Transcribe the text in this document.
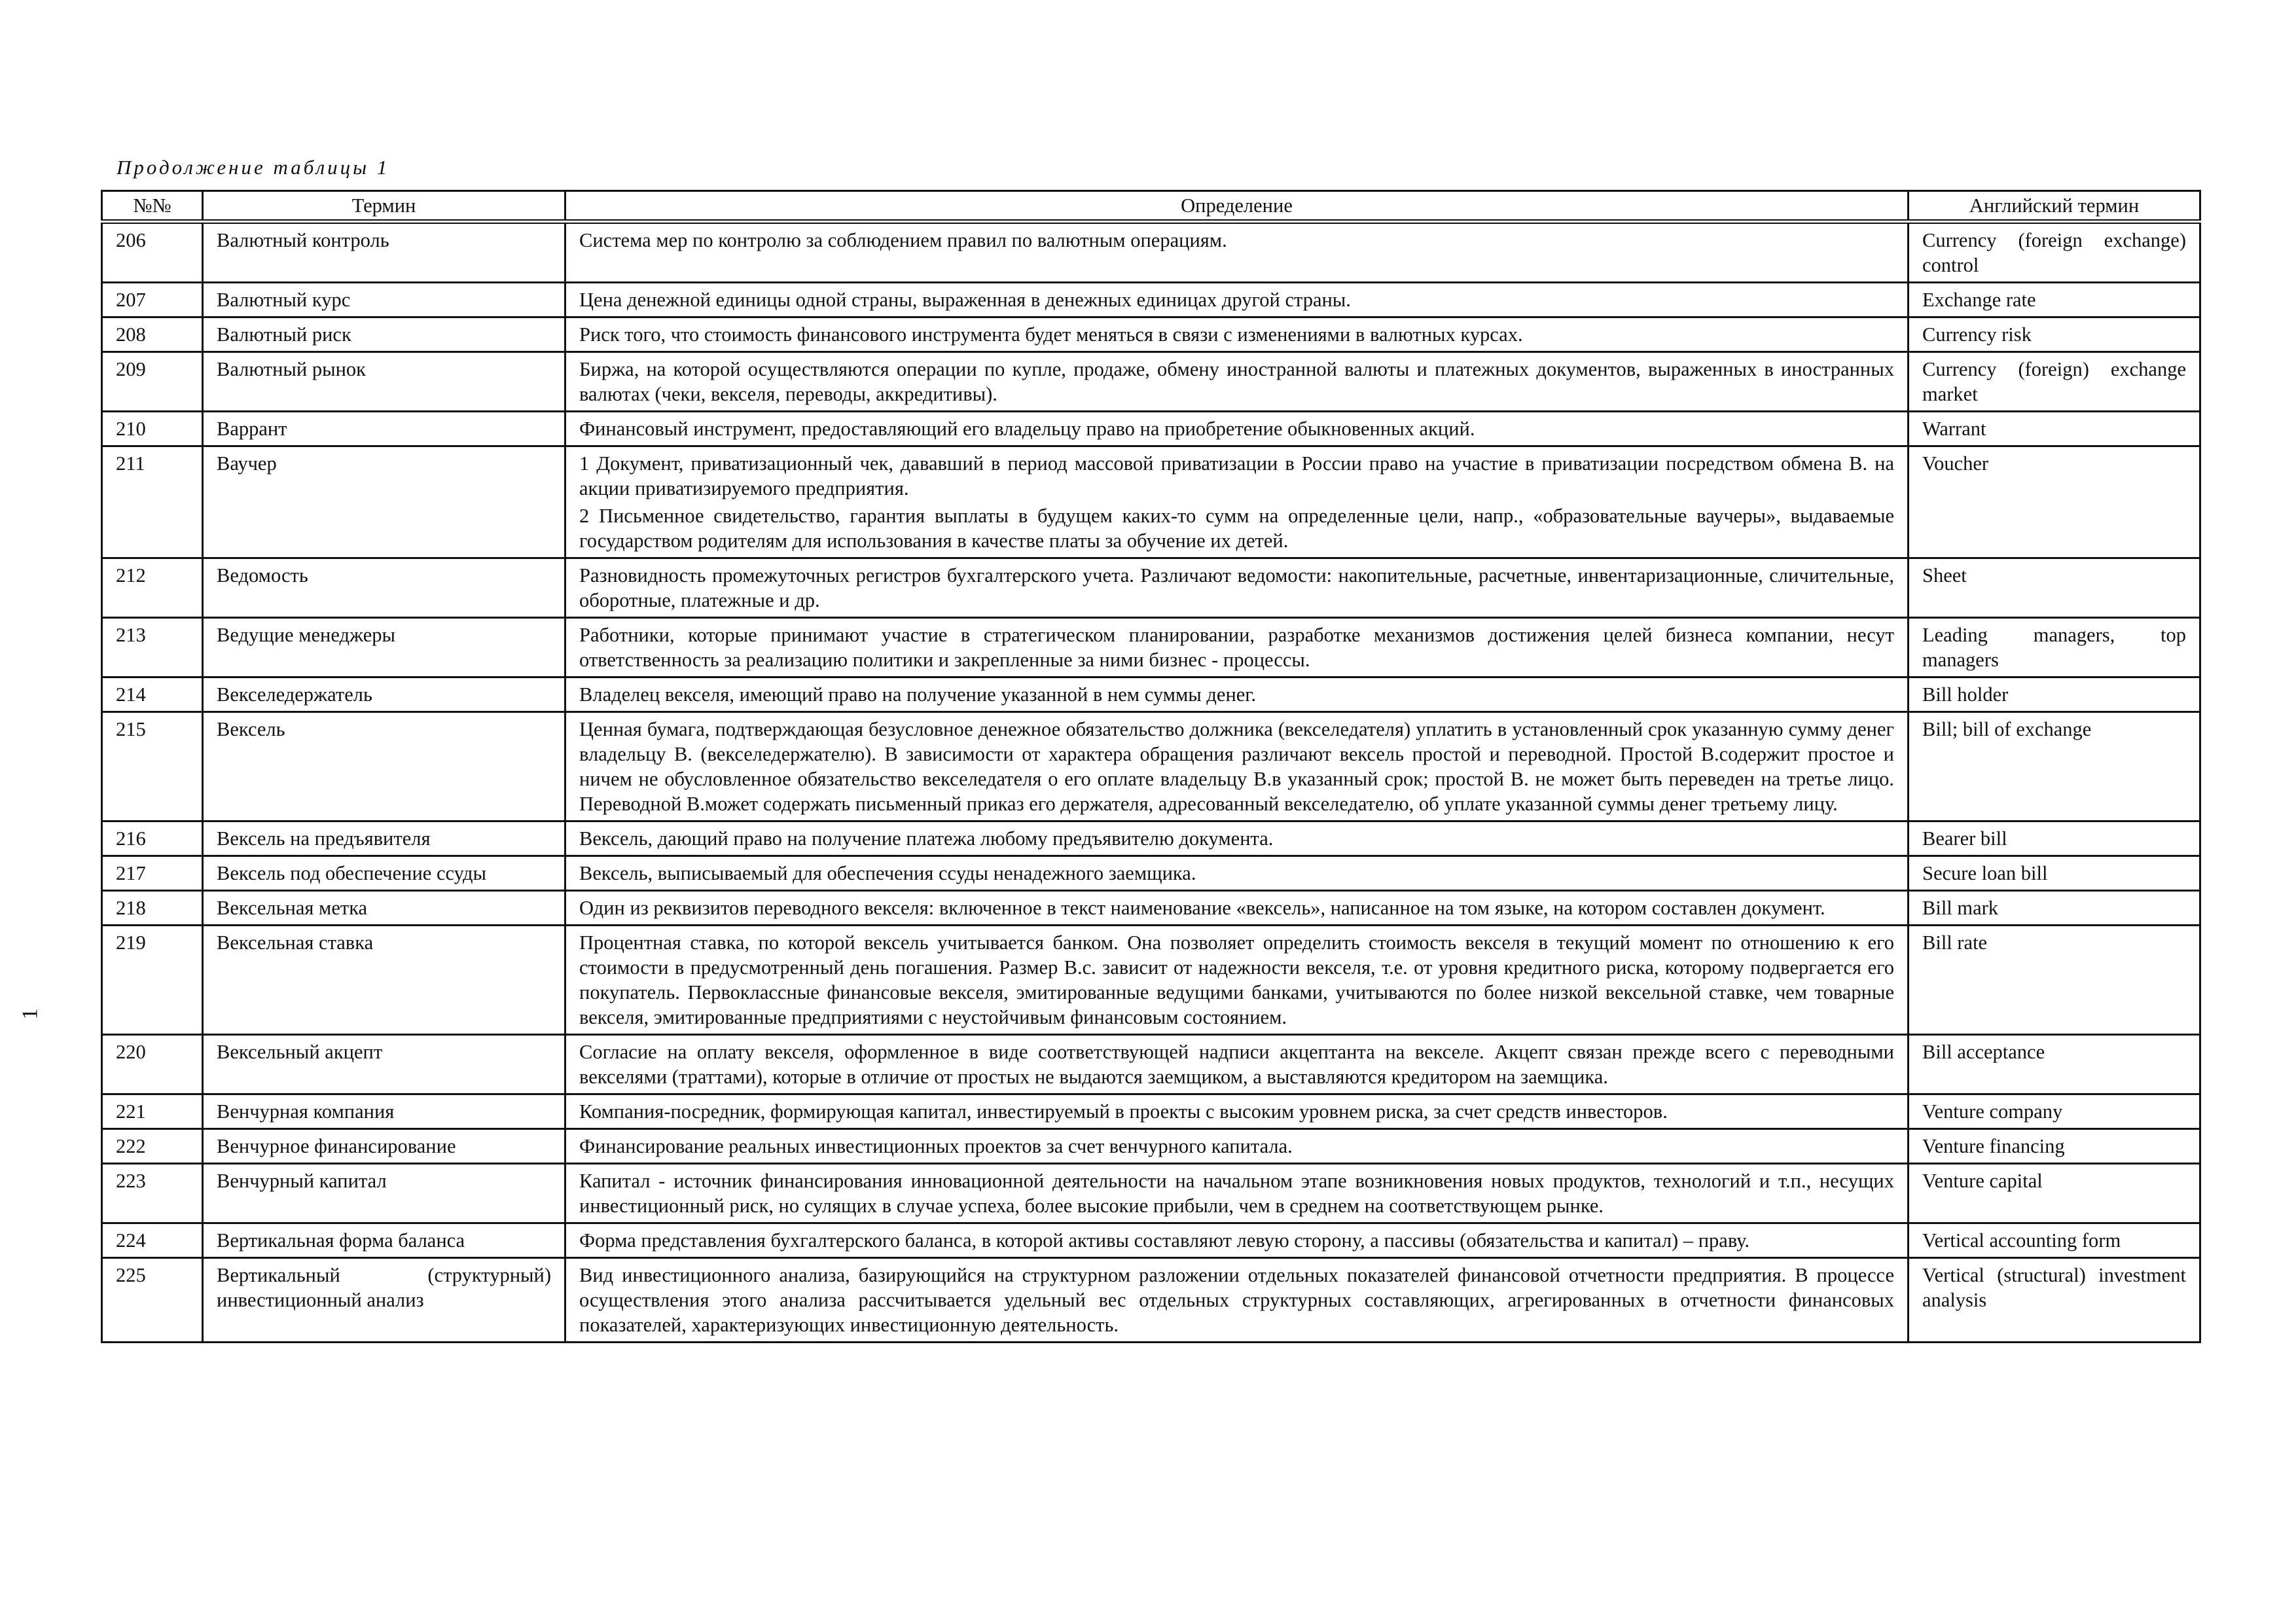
Продолжение таблицы 1
1
№№	Термин	Определение	Английский термин
206	Валютный контроль	Система мер по контролю за соблюдением правил по валютным операциям.	Currency (foreign exchange) control
207	Валютный курс	Цена денежной единицы одной страны, выраженная в денежных единицах другой страны.	Exchange rate
208	Валютный риск	Риск того, что стоимость финансового инструмента будет меняться в связи с изменениями в валютных курсах.	Currency risk
209	Валютный рынок	Биржа, на которой осуществляются операции по купле, продаже, обмену иностранной валюты и платежных документов, выраженных в иностранных валютах (чеки, векселя, переводы, аккредитивы).	Currency (foreign) exchange market
210	Варрант	Финансовый инструмент, предоставляющий его владельцу право на приобретение обыкновенных акций.	Warrant
211	Ваучер	1 Документ, приватизационный чек, дававший в период массовой приватизации в России право на участие в приватизации посредством обмена В. на акции приватизируемого предприятия.

2 Письменное свидетельство, гарантия выплаты в будущем каких-то сумм на определенные цели, напр., «образовательные ваучеры», выдаваемые государством родителям для использования в качестве платы за обучение их детей.	Voucher
212	Ведомость	Разновидность промежуточных регистров бухгалтерского учета. Различают ведомости: накопительные, расчетные, инвентаризационные, сличительные, оборотные, платежные и др.	Sheet
213	Ведущие менеджеры	Работники, которые принимают участие в стратегическом планировании, разработке механизмов достижения целей бизнеса компании, несут ответственность за реализацию политики и закрепленные за ними бизнес - процессы.	Leading managers, top managers
214	Векселедержатель	Владелец векселя, имеющий право на получение указанной в нем суммы денег.	Bill holder
215	Вексель	Ценная бумага, подтверждающая безусловное денежное обязательство должника (векселедателя) уплатить в установленный срок указанную сумму денег владельцу В. (векселедержателю). В зависимости от характера обращения различают вексель простой и переводной. Простой В.содержит простое и ничем не обусловленное обязательство векселедателя о его оплате владельцу В.в указанный срок; простой В. не может быть переведен на третье лицо. Переводной В.может содержать письменный приказ его держателя, адресованный векселедателю, об уплате указанной суммы денег третьему лицу.	Bill; bill of exchange
216	Вексель на предъявителя	Вексель, дающий право на получение платежа любому предъявителю документа.	Bearer bill
217	Вексель под обеспечение ссуды	Вексель, выписываемый для обеспечения ссуды ненадежного заемщика.	Secure loan bill
218	Вексельная метка	Один из реквизитов переводного векселя: включенное в текст наименование «вексель», написанное на том языке, на котором составлен документ.	Bill mark
219	Вексельная ставка	Процентная ставка, по которой вексель учитывается банком. Она позволяет определить стоимость векселя в текущий момент по отношению к его стоимости в предусмотренный день погашения. Размер В.с. зависит от надежности векселя, т.е. от уровня кредитного риска, которому подвергается его покупатель. Первоклассные финансовые векселя, эмитированные ведущими банками, учитываются по более низкой вексельной ставке, чем товарные векселя, эмитированные предприятиями с неустойчивым финансовым состоянием.	Bill rate
220	Вексельный акцепт	Согласие на оплату векселя, оформленное в виде соответствующей надписи акцептанта на векселе. Акцепт связан прежде всего с переводными векселями (траттами), которые в отличие от простых не выдаются заемщиком, а выставляются кредитором на заемщика.	Bill acceptance
221	Венчурная компания	Компания-посредник, формирующая капитал, инвестируемый в проекты с высоким уровнем риска, за счет средств инвесторов.	Venture company
222	Венчурное финансирование	Финансирование реальных инвестиционных проектов за счет венчурного капитала.	Venture financing
223	Венчурный капитал	Капитал - источник финансирования инновационной деятельности на начальном этапе возникновения новых продуктов, технологий и т.п., несущих инвестиционный риск, но сулящих в случае успеха, более высокие прибыли, чем в среднем на соответствующем рынке.	Venture capital
224	Вертикальная форма баланса	Форма представления бухгалтерского баланса, в которой активы составляют левую сторону, а пассивы (обязательства и капитал) – праву.	Vertical accounting form
225	Вертикальный (структурный) инвестиционный анализ	Вид инвестиционного анализа, базирующийся на структурном разложении отдельных показателей финансовой отчетности предприятия. В процессе осуществления этого анализа рассчитывается удельный вес отдельных структурных составляющих, агрегированных в отчетности финансовых показателей, характеризующих инвестиционную деятельность.	Vertical (structural) investment analysis
